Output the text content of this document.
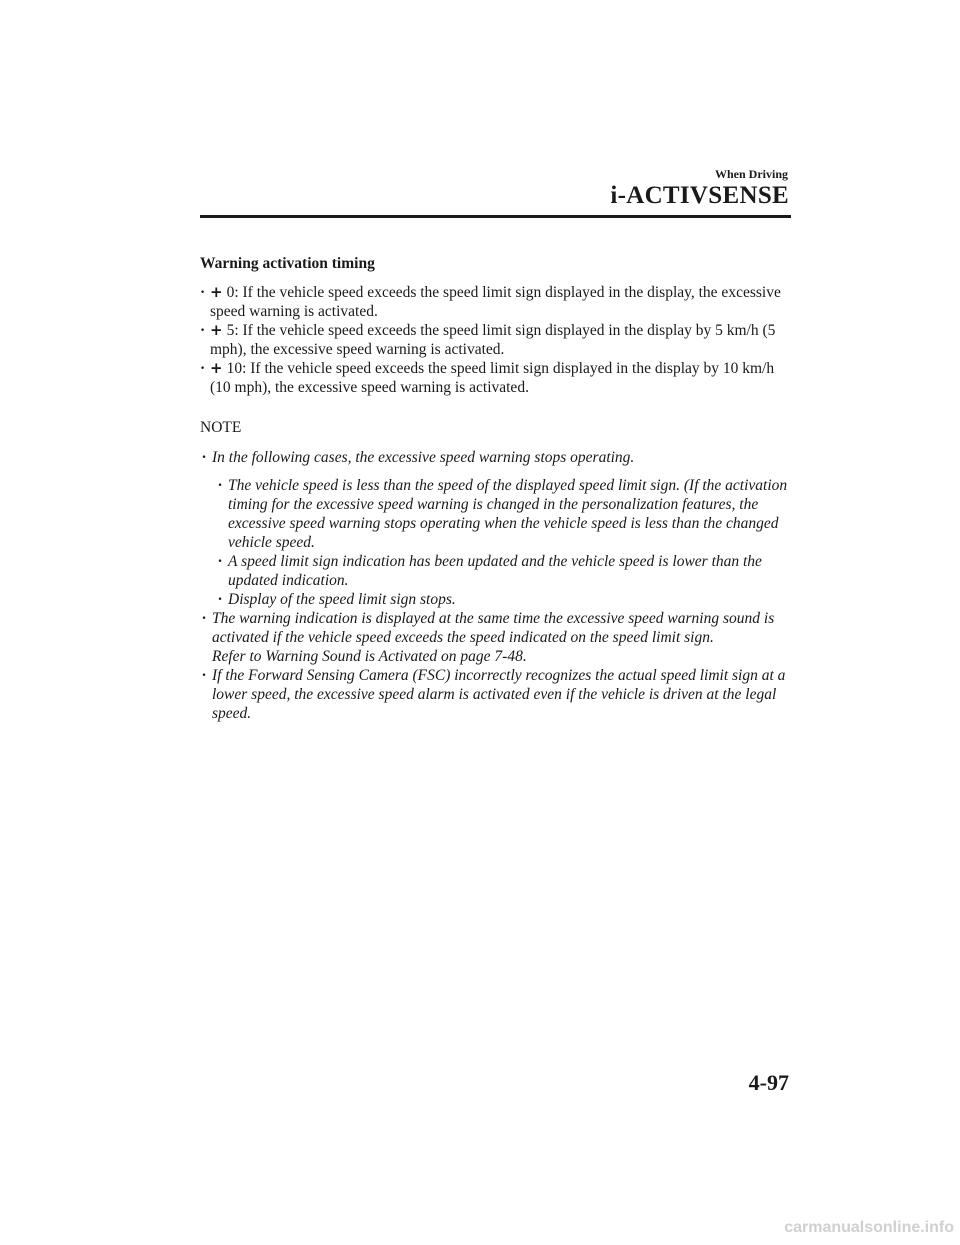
When Driving
i-ACTIVSENSE

Warning activation timing

· + 0: If the vehicle speed exceeds the speed limit sign displayed in the display, the excessive speed warning is activated.
· + 5: If the vehicle speed exceeds the speed limit sign displayed in the display by 5 km/h (5 mph), the excessive speed warning is activated.
· + 10: If the vehicle speed exceeds the speed limit sign displayed in the display by 10 km/h (10 mph), the excessive speed warning is activated.

NOTE

· In the following cases, the excessive speed warning stops operating.
· The vehicle speed is less than the speed of the displayed speed limit sign. (If the activation timing for the excessive speed warning is changed in the personalization features, the excessive speed warning stops operating when the vehicle speed is less than the changed vehicle speed.
· A speed limit sign indication has been updated and the vehicle speed is lower than the updated indication.
· Display of the speed limit sign stops.
· The warning indication is displayed at the same time the excessive speed warning sound is activated if the vehicle speed exceeds the speed indicated on the speed limit sign.
Refer to Warning Sound is Activated on page 7-48.
· If the Forward Sensing Camera (FSC) incorrectly recognizes the actual speed limit sign at a lower speed, the excessive speed alarm is activated even if the vehicle is driven at the legal speed.
4-97
carmanualsonline.info
